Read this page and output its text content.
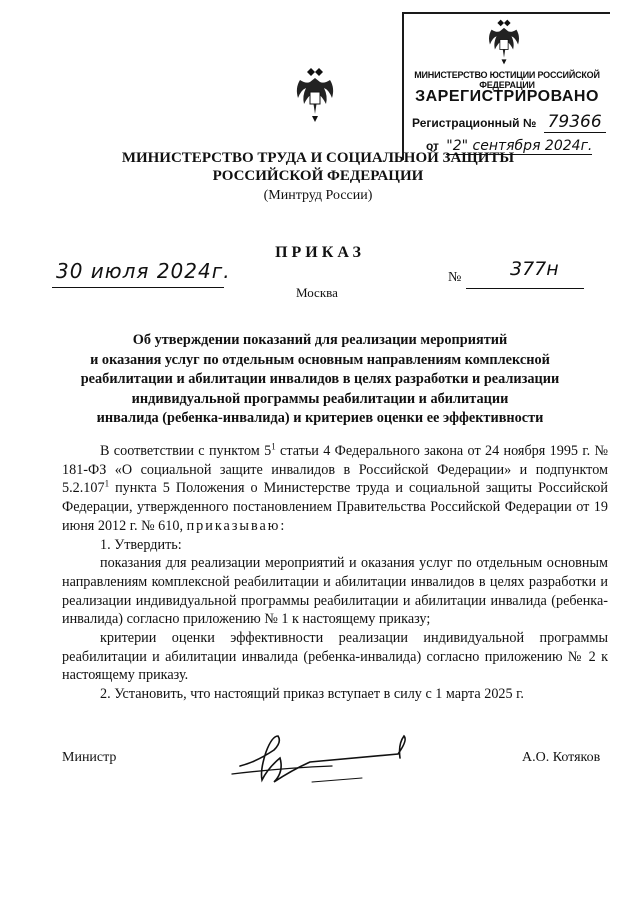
МИНИСТЕРСТВО ЮСТИЦИИ РОССИЙСКОЙ ФЕДЕРАЦИИ
ЗАРЕГИСТРИРОВАНО
Регистрационный № 79366
от "2" сентября 2024г.
МИНИСТЕРСТВО ТРУДА И СОЦИАЛЬНОЙ ЗАЩИТЫ
РОССИЙСКОЙ ФЕДЕРАЦИИ
(Минтруд России)
ПРИКАЗ
30 июля 2024г.	№	377н
Москва
Об утверждении показаний для реализации мероприятий
и оказания услуг по отдельным основным направлениям комплексной
реабилитации и абилитации инвалидов в целях разработки и реализации
индивидуальной программы реабилитации и абилитации
инвалида (ребенка-инвалида) и критериев оценки ее эффективности

В соответствии с пунктом $5^1$ статьи 4 Федерального закона от 24 ноября 1995 г. № 181-ФЗ «О социальной защите инвалидов в Российской Федерации» и подпунктом 5.2.107$^1$ пункта 5 Положения о Министерстве труда и социальной защиты Российской Федерации, утвержденного постановлением Правительства Российской Федерации от 19 июня 2012 г. № 610, приказываю:

1. Утвердить:

показания для реализации мероприятий и оказания услуг по отдельным основным направлениям комплексной реабилитации и абилитации инвалидов в целях разработки и реализации индивидуальной программы реабилитации и абилитации инвалида (ребенка-инвалида) согласно приложению № 1 к настоящему приказу;

критерии оценки эффективности реализации индивидуальной программы реабилитации и абилитации инвалида (ребенка-инвалида) согласно приложению № 2 к настоящему приказу.

2. Установить, что настоящий приказ вступает в силу с 1 марта 2025 г.

Министр	А.О. Котяков
